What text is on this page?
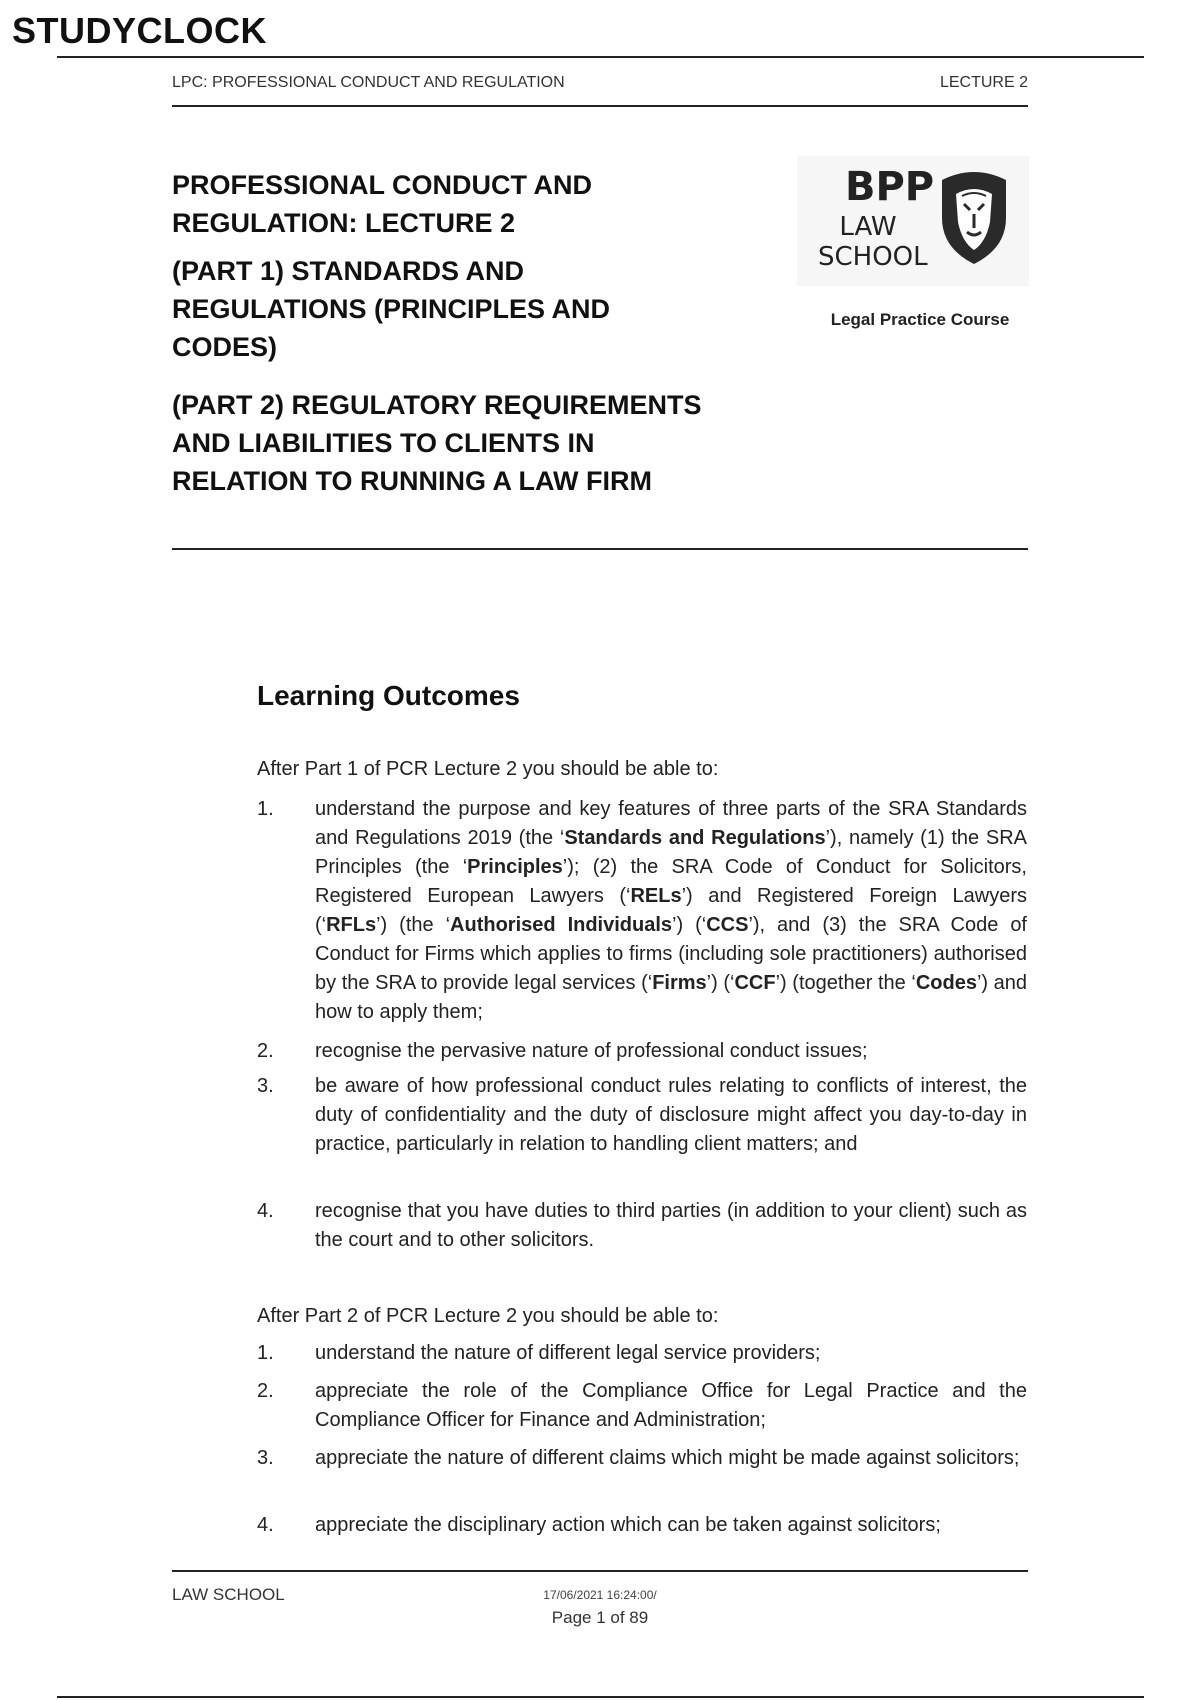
STUDYCLOCK
LPC: PROFESSIONAL CONDUCT AND REGULATION	LECTURE 2
PROFESSIONAL CONDUCT AND
REGULATION: LECTURE 2
(PART 1) STANDARDS AND
REGULATIONS (PRINCIPLES AND
CODES)
(PART 2) REGULATORY REQUIREMENTS
AND LIABILITIES TO CLIENTS IN
RELATION TO RUNNING A LAW FIRM
BPP
LAW
SCHOOL
Legal Practice Course
Learning Outcomes
After Part 1 of PCR Lecture 2 you should be able to:
1. understand the purpose and key features of three parts of the SRA Standards and Regulations 2019 (the ‘Standards and Regulations’), namely (1) the SRA Principles (the ‘Principles’); (2) the SRA Code of Conduct for Solicitors, Registered European Lawyers (‘RELs’) and Registered Foreign Lawyers (‘RFLs’) (the ‘Authorised Individuals’) (‘CCS’), and (3) the SRA Code of Conduct for Firms which applies to firms (including sole practitioners) authorised by the SRA to provide legal services (‘Firms’) (‘CCF’) (together the ‘Codes’) and how to apply them;
2. recognise the pervasive nature of professional conduct issues;
3. be aware of how professional conduct rules relating to conflicts of interest, the duty of confidentiality and the duty of disclosure might affect you day-to-day in practice, particularly in relation to handling client matters; and
4. recognise that you have duties to third parties (in addition to your client) such as the court and to other solicitors.
After Part 2 of PCR Lecture 2 you should be able to:
1. understand the nature of different legal service providers;
2. appreciate the role of the Compliance Office for Legal Practice and the Compliance Officer for Finance and Administration;
3. appreciate the nature of different claims which might be made against solicitors;
4. appreciate the disciplinary action which can be taken against solicitors;
LAW SCHOOL	17/06/2021 16:24:00/
Page 1 of 89
